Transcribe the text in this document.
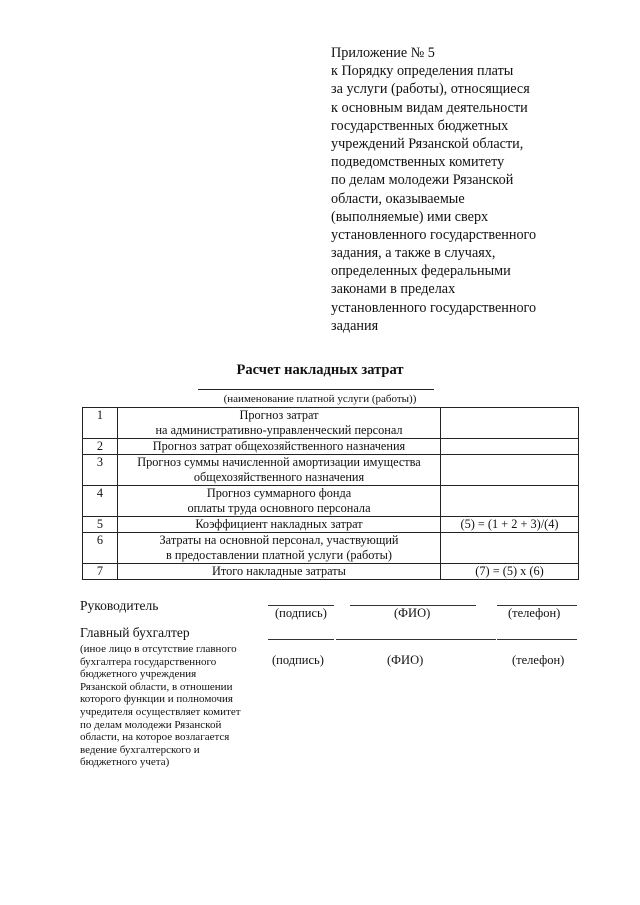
Приложение № 5
к Порядку определения платы
за услуги (работы), относящиеся
к основным видам деятельности
государственных бюджетных
учреждений Рязанской области,
подведомственных комитету
по делам молодежи Рязанской
области, оказываемые
(выполняемые) ими сверх
установленного государственного
задания, а также в случаях,
определенных федеральными
законами в пределах
установленного государственного
задания
Расчет накладных затрат
(наименование платной услуги (работы))
1	Прогноз затрат
на административно-управленческий персонал	

2	Прогноз затрат общехозяйственного назначения	

3	Прогноз суммы начисленной амортизации имущества
общехозяйственного назначения	

4	Прогноз суммарного фонда
оплаты труда основного персонала	

5	Коэффициент накладных затрат	(5) = (1 + 2 + 3)/(4)
6	Затраты на основной персонал, участвующий
в предоставлении платной услуги (работы)	

7	Итого накладные затраты	(7) = (5) x (6)
Руководитель	(подпись)	(ФИО)	(телефон)
Главный бухгалтер
(подпись)	(ФИО)	(телефон)
(иное лицо в отсутствие главного
бухгалтера государственного
бюджетного учреждения
Рязанской области, в отношении
которого функции и полномочия
учредителя осуществляет комитет
по делам молодежи Рязанской
области, на которое возлагается
ведение бухгалтерского и
бюджетного учета)
